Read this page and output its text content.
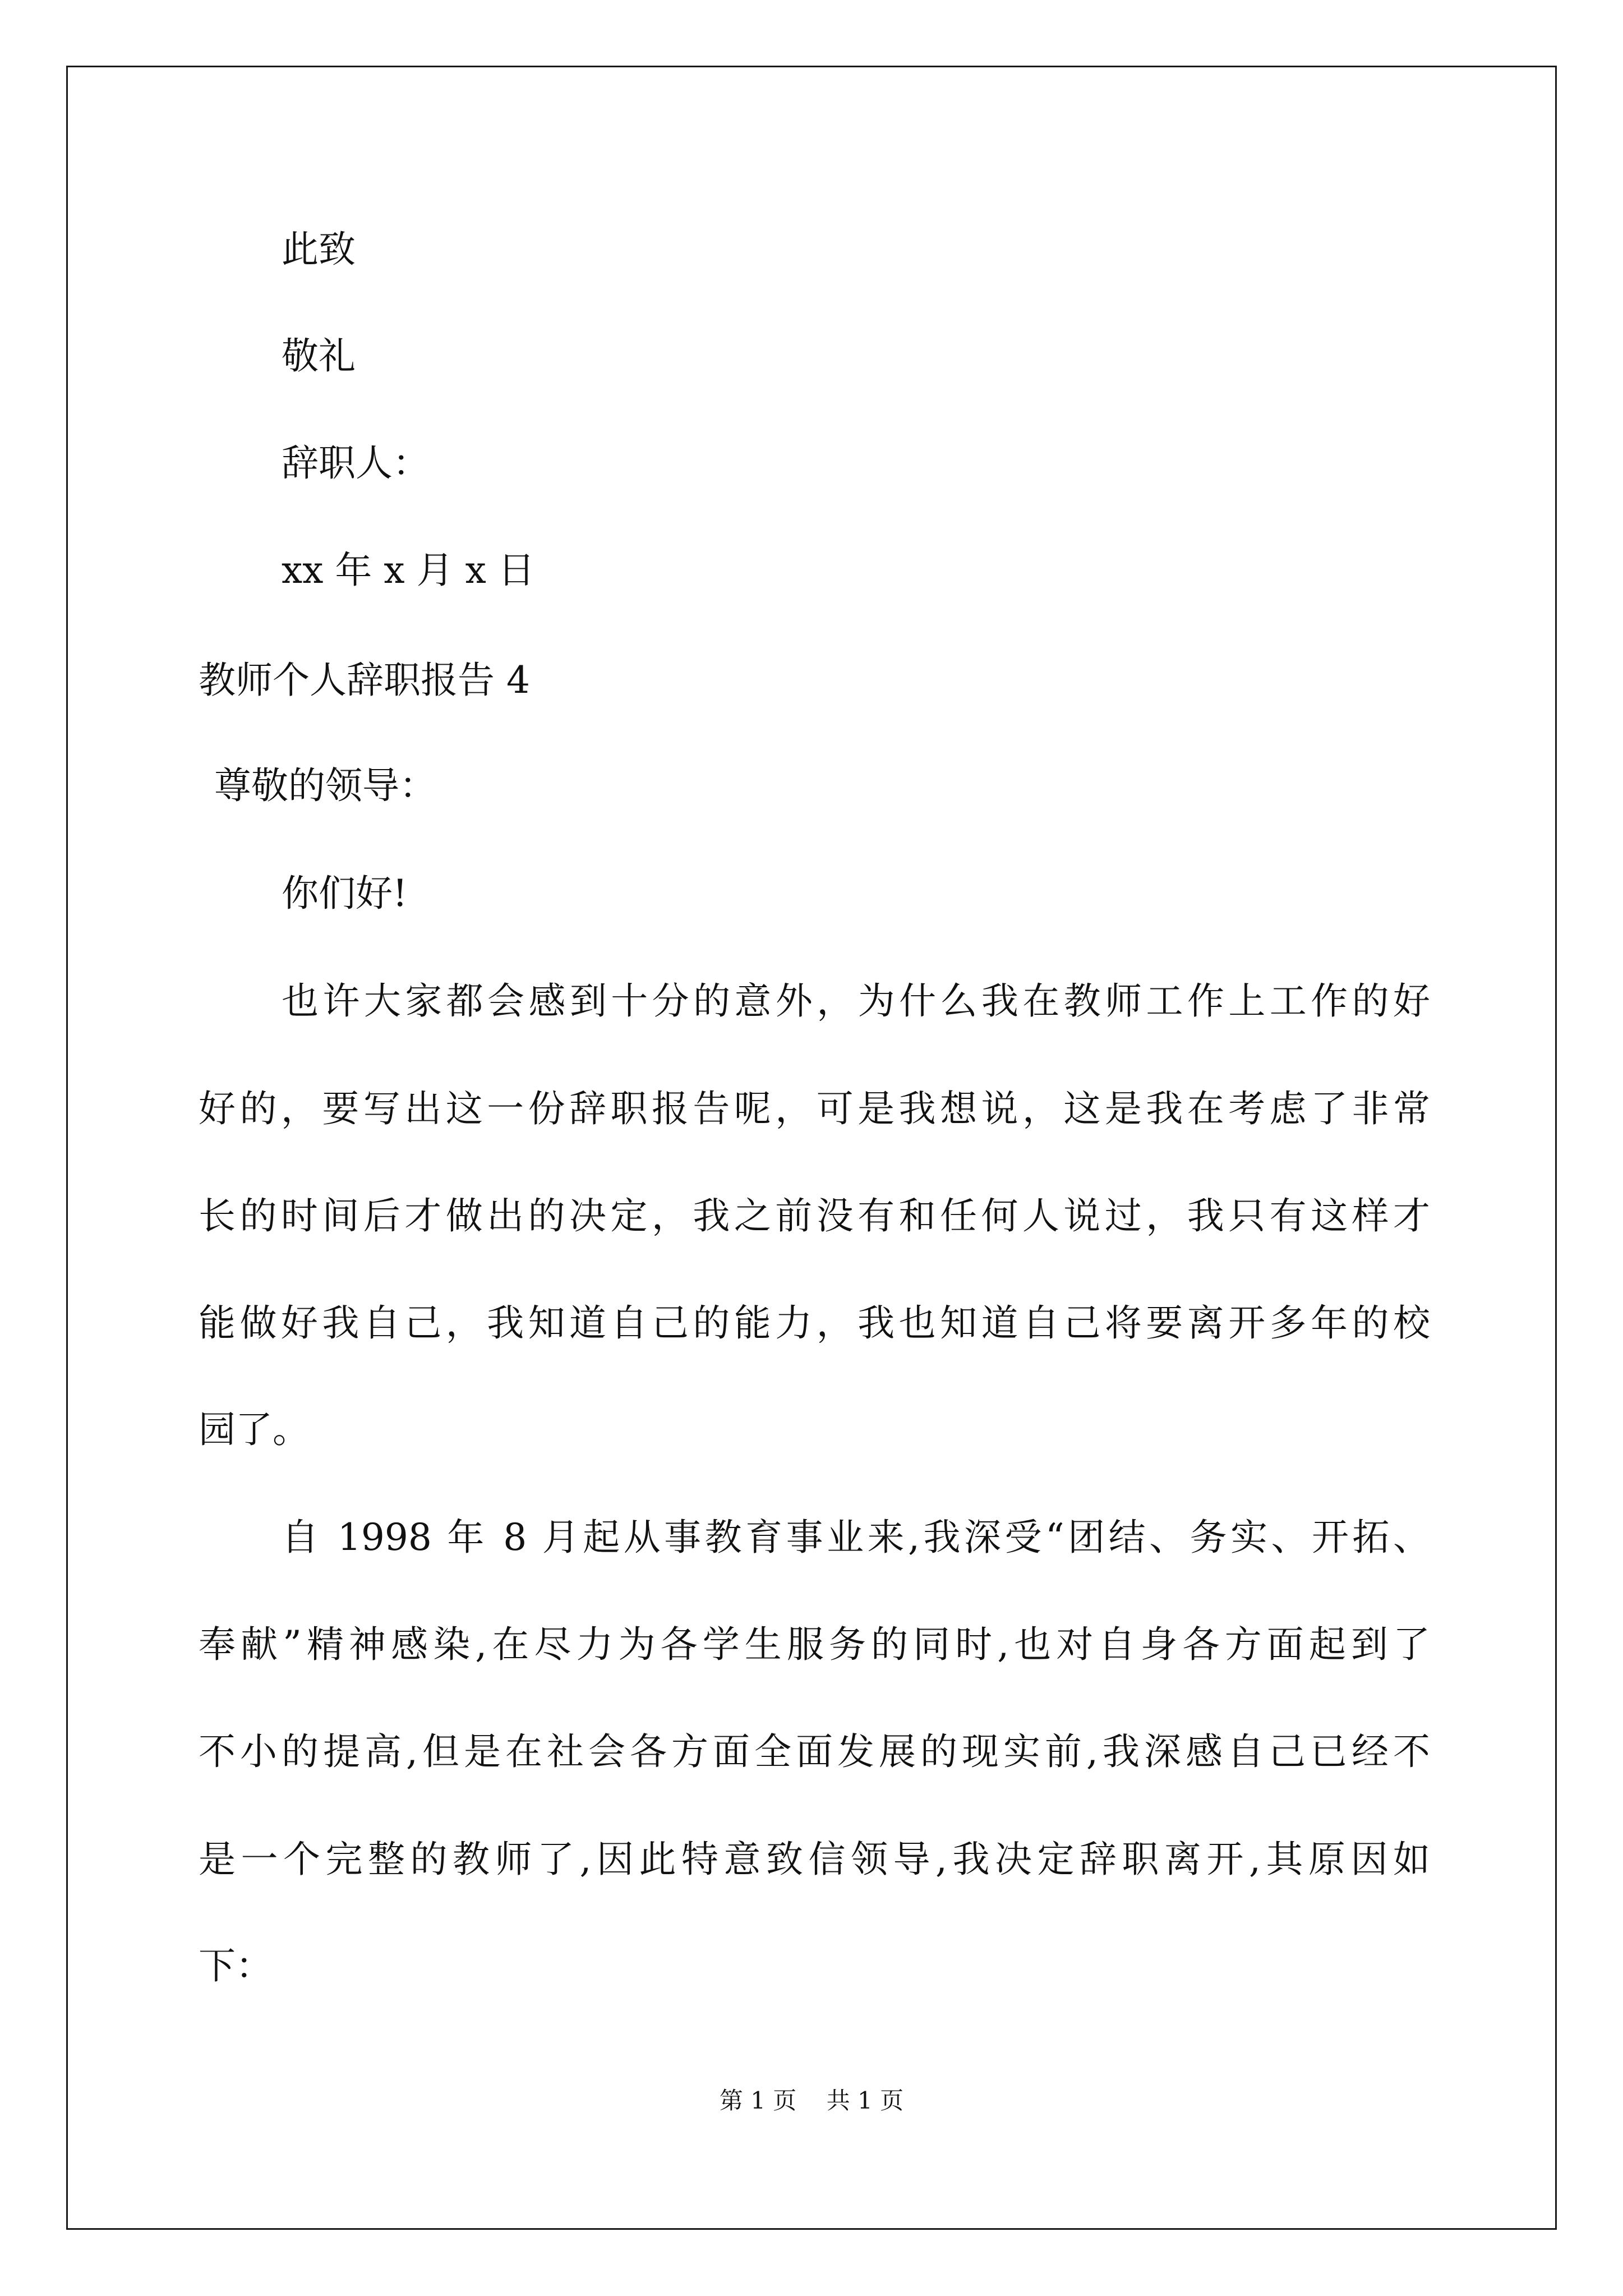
此致
敬礼
辞职人：
xx 年 x 月 x 日
教师个人辞职报告 4
尊敬的领导：
你们好!
也许大家都会感到十分的意外，为什么我在教师工作上工作的好
好的，要写出这一份辞职报告呢，可是我想说，这是我在考虑了非常
长的时间后才做出的决定，我之前没有和任何人说过，我只有这样才
能做好我自己，我知道自己的能力，我也知道自己将要离开多年的校
园了。
自 1998 年 8 月起从事教育事业来,我深受“团结、务实、开拓、
奉献”精神感染,在尽力为各学生服务的同时,也对自身各方面起到了
不小的提高,但是在社会各方面全面发展的现实前,我深感自己已经不
是一个完整的教师了,因此特意致信领导,我决定辞职离开,其原因如
下：
第 1 页    共 1 页
